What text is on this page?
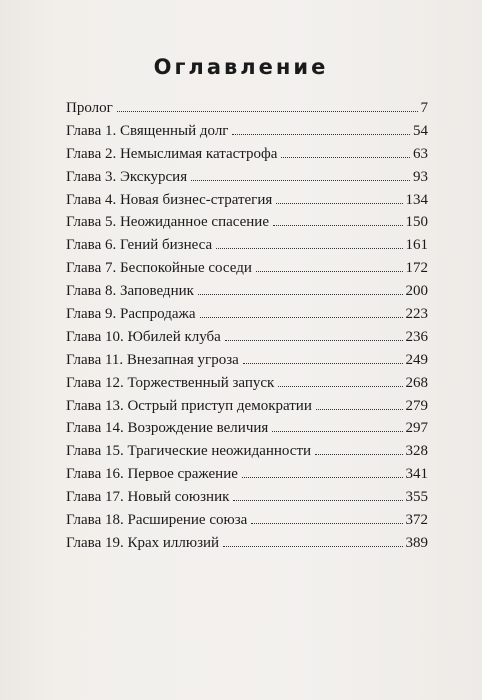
Оглавление
Пролог	7
Глава 1. Священный долг	54
Глава 2. Немыслимая катастрофа	63
Глава 3. Экскурсия	93
Глава 4. Новая бизнес-стратегия	134
Глава 5. Неожиданное спасение	150
Глава 6. Гений бизнеса	161
Глава 7. Беспокойные соседи	172
Глава 8. Заповедник	200
Глава 9. Распродажа	223
Глава 10. Юбилей клуба	236
Глава 11. Внезапная угроза	249
Глава 12. Торжественный запуск	268
Глава 13. Острый приступ демократии	279
Глава 14. Возрождение величия	297
Глава 15. Трагические неожиданности	328
Глава 16. Первое сражение	341
Глава 17. Новый союзник	355
Глава 18. Расширение союза	372
Глава 19. Крах иллюзий	389
